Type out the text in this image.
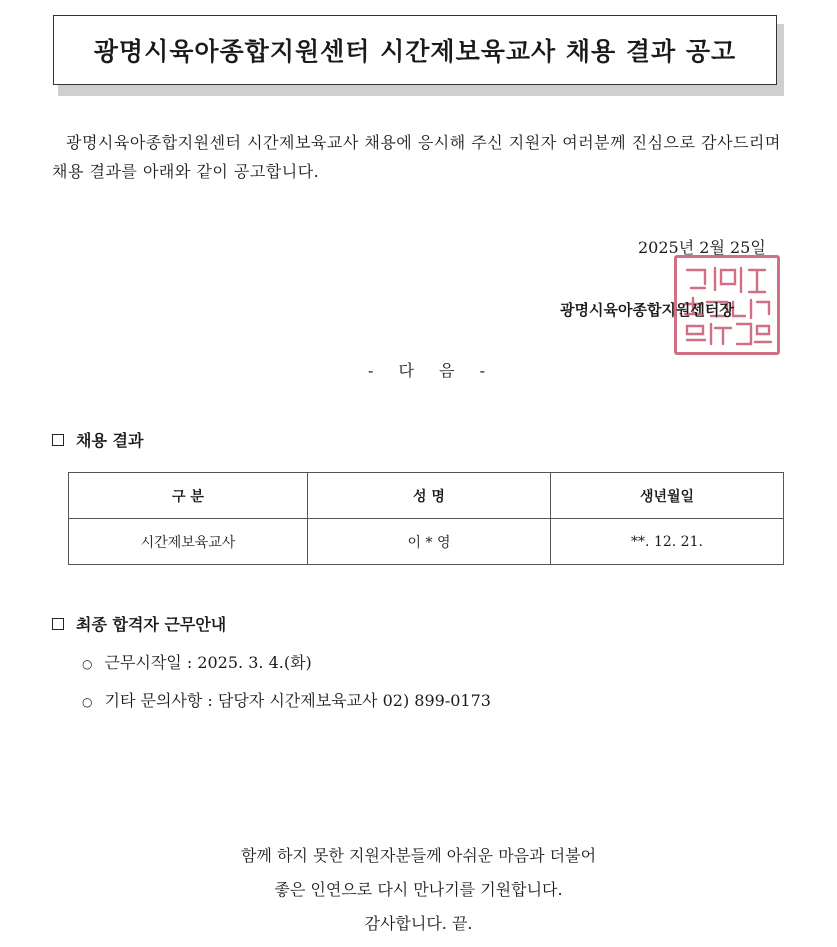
광명시육아종합지원센터 시간제보육교사 채용 결과 공고
광명시육아종합지원센터 시간제보육교사 채용에 응시해 주신 지원자 여러분께 진심으로 감사드리며 채용 결과를 아래와 같이 공고합니다.
2025년 2월 25일
광명시육아종합지원센터장
- 다 음 -
채용 결과
구 분	성 명	생년월일
시간제보육교사	이 * 영	**. 12. 21.
최종 합격자 근무안내
○ 근무시작일 : 2025. 3. 4.(화)
○ 기타 문의사항 : 담당자 시간제보육교사 02) 899-0173
함께 하지 못한 지원자분들께 아쉬운 마음과 더불어
좋은 인연으로 다시 만나기를 기원합니다.
감사합니다. 끝.
